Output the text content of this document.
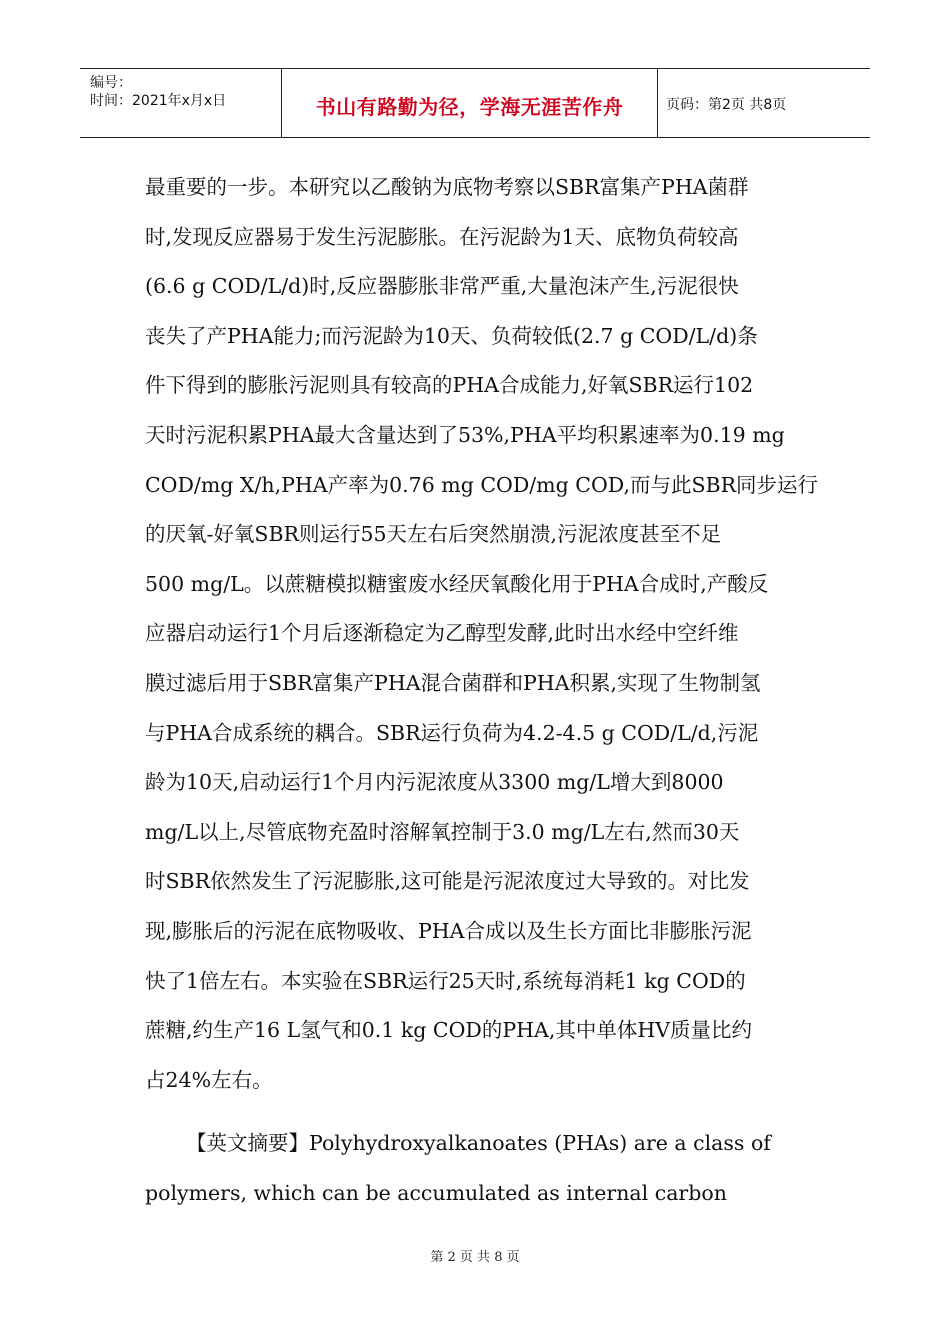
编号：
时间：2021年x月x日	书山有路勤为径，学海无涯苦作舟	页码：第2页 共8页
最重要的一步。本研究以乙酸钠为底物考察以SBR富集产PHA菌群
时,发现反应器易于发生污泥膨胀。在污泥龄为1天、底物负荷较高
(6.6 g COD/L/d)时,反应器膨胀非常严重,大量泡沫产生,污泥很快
丧失了产PHA能力;而污泥龄为10天、负荷较低(2.7 g COD/L/d)条
件下得到的膨胀污泥则具有较高的PHA合成能力,好氧SBR运行102
天时污泥积累PHA最大含量达到了53%,PHA平均积累速率为0.19 mg
COD/mg X/h,PHA产率为0.76 mg COD/mg COD,而与此SBR同步运行
的厌氧-好氧SBR则运行55天左右后突然崩溃,污泥浓度甚至不足
500 mg/L。以蔗糖模拟糖蜜废水经厌氧酸化用于PHA合成时,产酸反
应器启动运行1个月后逐渐稳定为乙醇型发酵,此时出水经中空纤维
膜过滤后用于SBR富集产PHA混合菌群和PHA积累,实现了生物制氢
与PHA合成系统的耦合。SBR运行负荷为4.2-4.5 g COD/L/d,污泥
龄为10天,启动运行1个月内污泥浓度从3300 mg/L增大到8000
mg/L以上,尽管底物充盈时溶解氧控制于3.0 mg/L左右,然而30天
时SBR依然发生了污泥膨胀,这可能是污泥浓度过大导致的。对比发
现,膨胀后的污泥在底物吸收、PHA合成以及生长方面比非膨胀污泥
快了1倍左右。本实验在SBR运行25天时,系统每消耗1 kg COD的
蔗糖,约生产16 L氢气和0.1 kg COD的PHA,其中单体HV质量比约
占24%左右。
【英文摘要】Polyhydroxyalkanoates (PHAs) are a class of
polymers, which can be accumulated as internal carbon
第 2 页 共 8 页
